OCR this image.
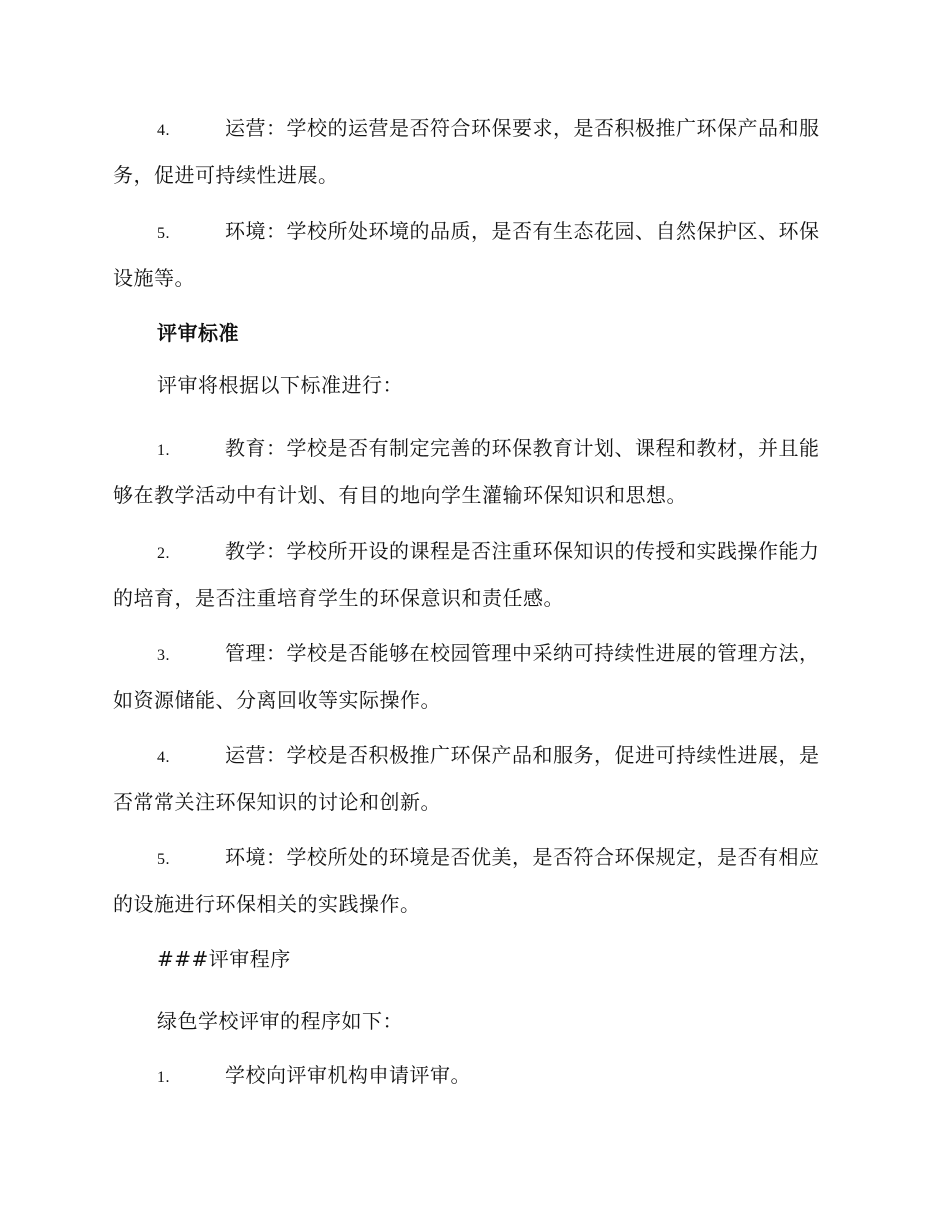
4.	运营：学校的运营是否符合环保要求，是否积极推广环保产品和服务，促进可持续性进展。

5.	环境：学校所处环境的品质，是否有生态花园、自然保护区、环保设施等。

评审标准

评审将根据以下标准进行：

1.	教育：学校是否有制定完善的环保教育计划、课程和教材，并且能够在教学活动中有计划、有目的地向学生灌输环保知识和思想。

2.	教学：学校所开设的课程是否注重环保知识的传授和实践操作能力的培育，是否注重培育学生的环保意识和责任感。

3.	管理：学校是否能够在校园管理中采纳可持续性进展的管理方法，如资源储能、分离回收等实际操作。

4.	运营：学校是否积极推广环保产品和服务，促进可持续性进展，是否常常关注环保知识的讨论和创新。

5.	环境：学校所处的环境是否优美，是否符合环保规定，是否有相应的设施进行环保相关的实践操作。

###评审程序

绿色学校评审的程序如下：

1.	学校向评审机构申请评审。
